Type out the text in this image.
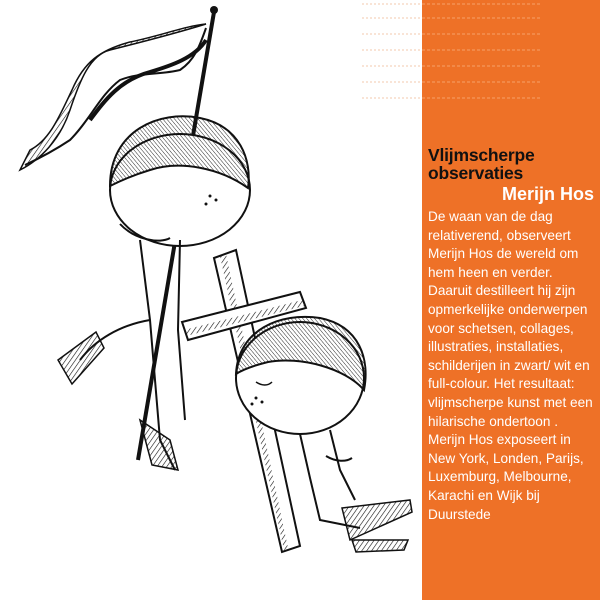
Vlijmscherpe
observaties
Merijn Hos

De waan van de dag relativerend, observeert Merijn Hos de wereld om hem heen en verder. Daaruit destilleert hij zijn opmerkelijke onderwerpen voor schetsen, collages, illustraties, installaties, schilderijen in zwart/ wit en full-colour. Het resultaat: vlijmscherpe kunst met een hilarische ondertoon .

Merijn Hos exposeert in New York, Londen, Parijs, Luxemburg, Melbourne, Karachi en Wijk bij Duurstede
